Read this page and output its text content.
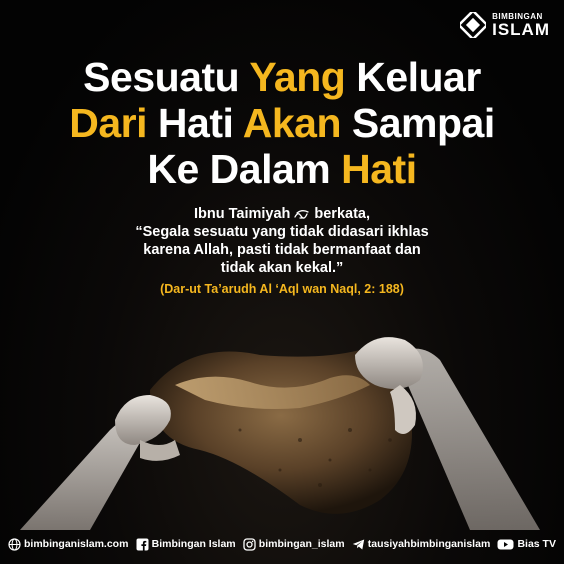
BIMBINGAN
ISLAM
Sesuatu Yang Keluar
Dari Hati Akan Sampai
Ke Dalam Hati
Ibnu Taimiyah berkata,
“Segala sesuatu yang tidak didasari ikhlas
karena Allah, pasti tidak bermanfaat dan
tidak akan kekal.”
(Dar-ut Ta’arudh Al ‘Aql wan Naql, 2: 188)
bimbinganislam.com Bimbingan Islam bimbingan_islam tausiyahbimbinganislam	Bias TV
